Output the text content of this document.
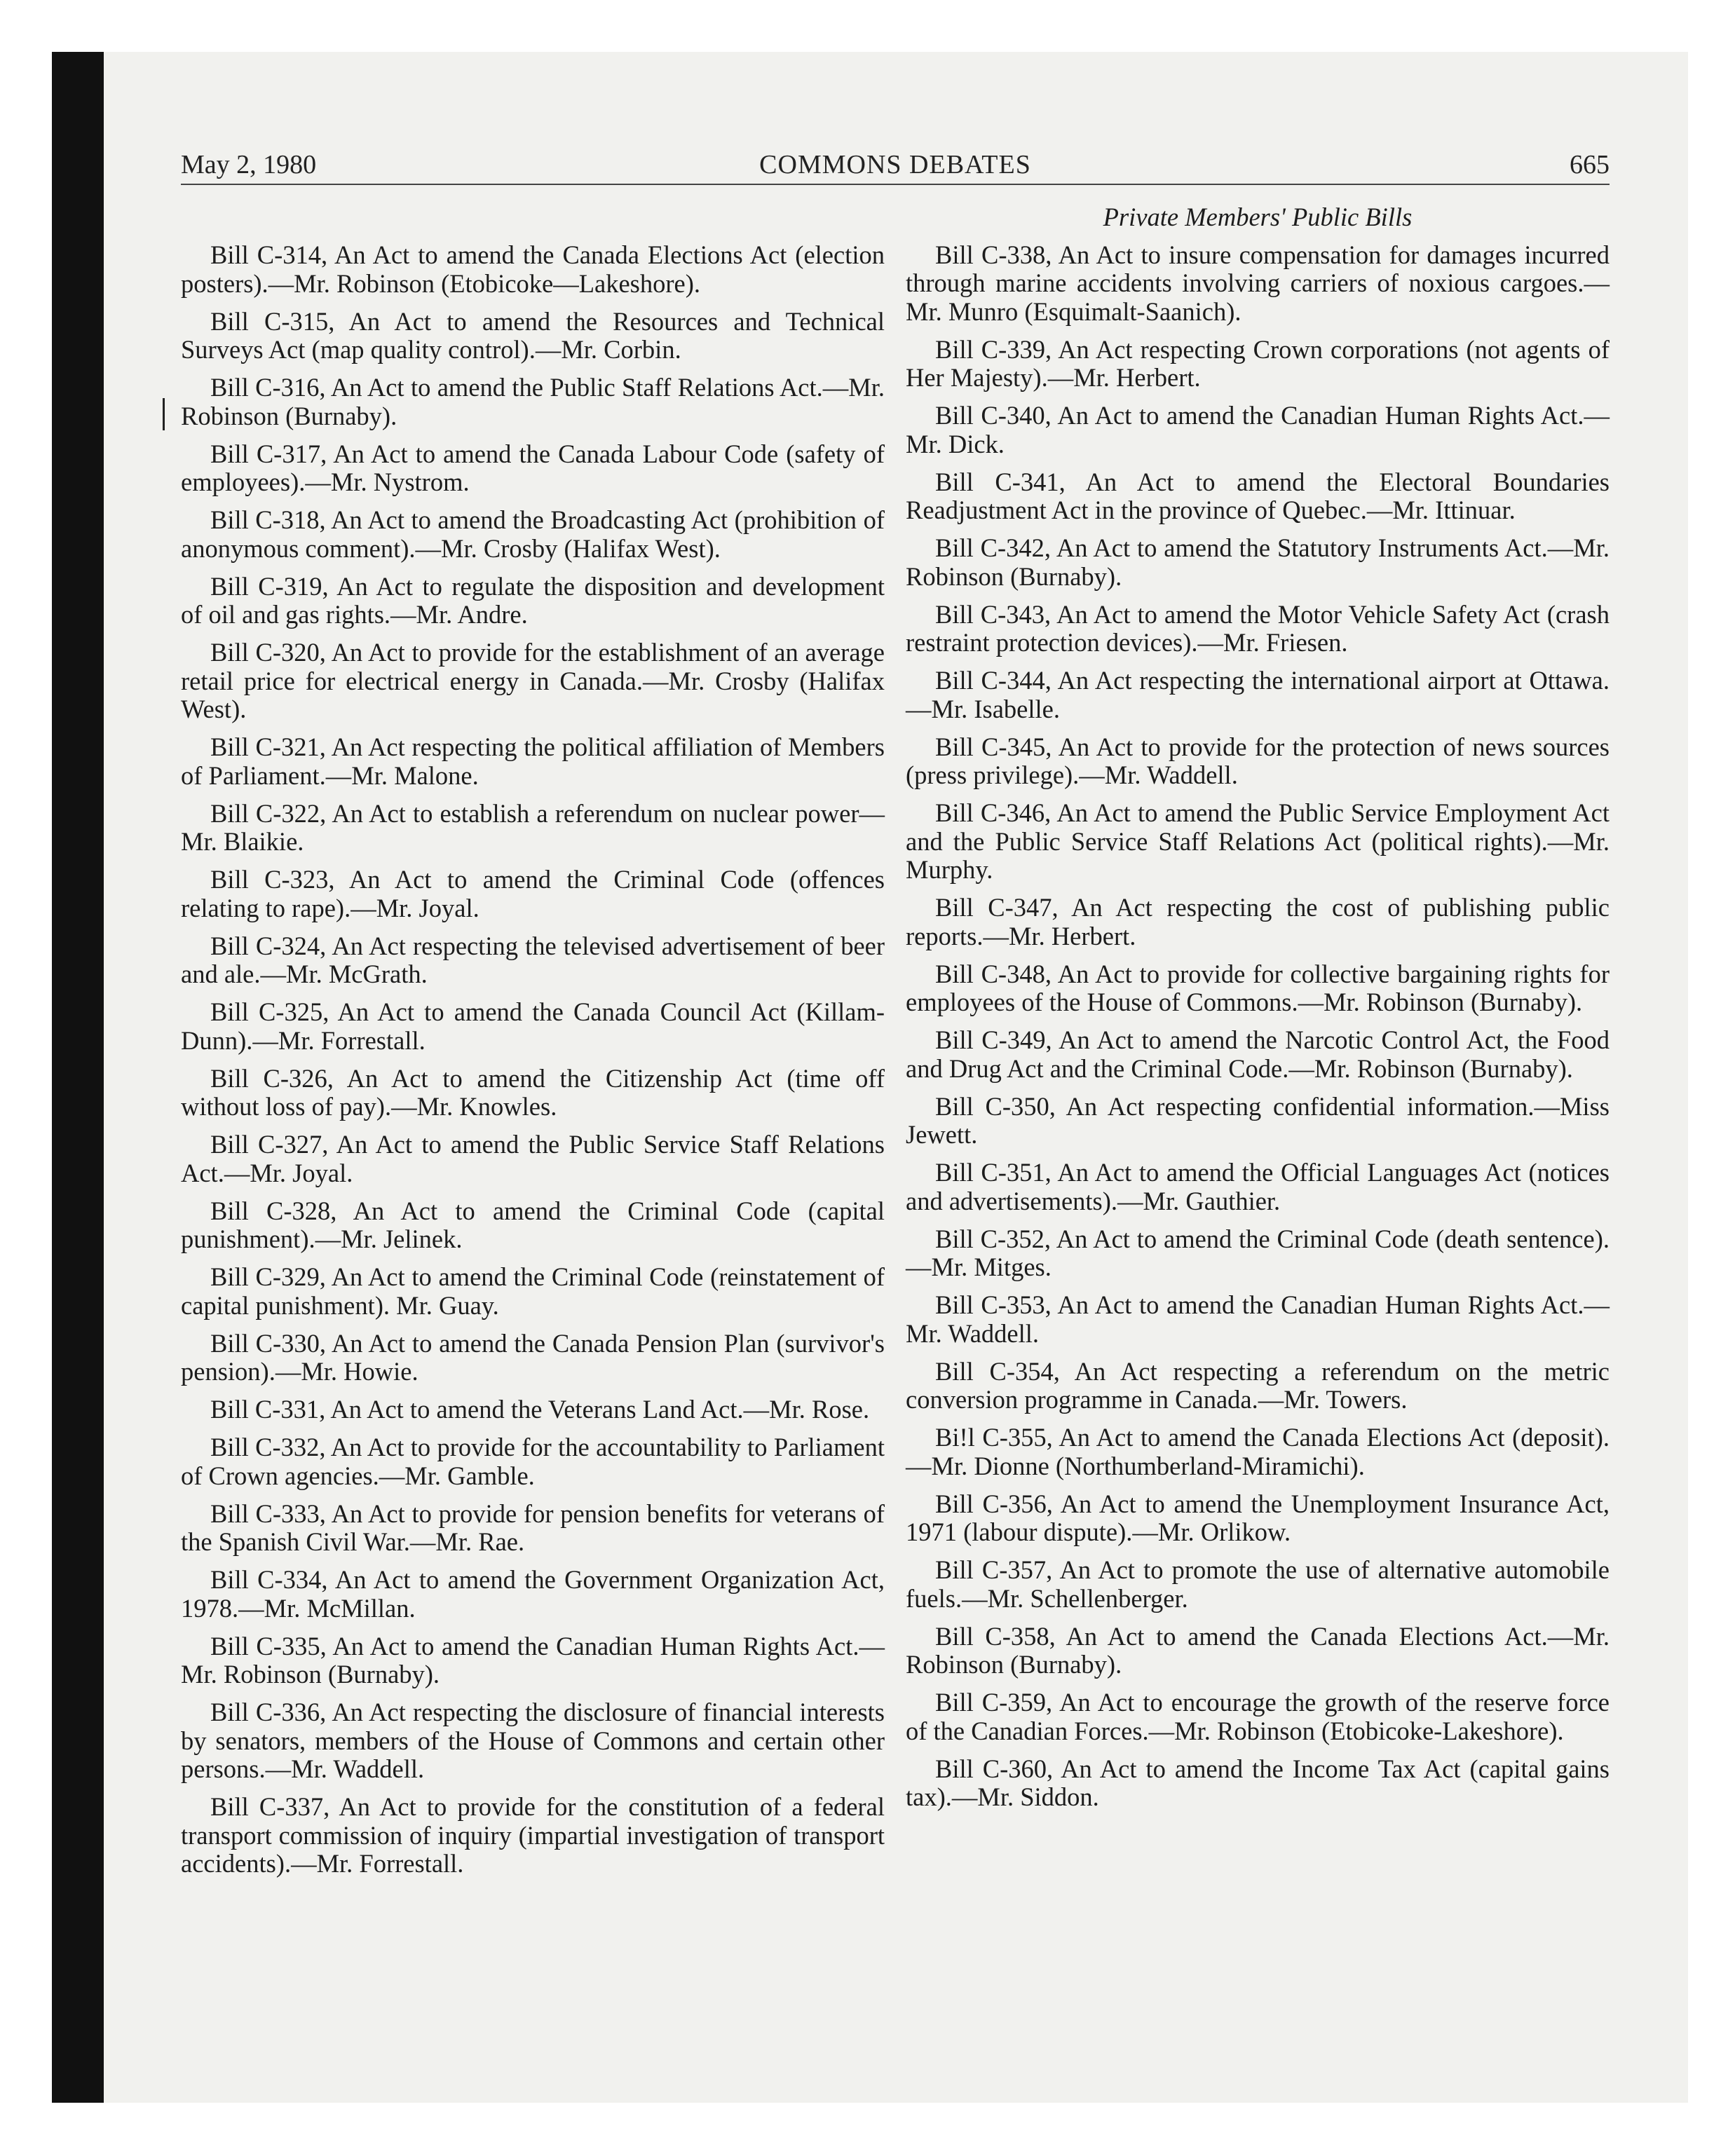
May 2, 1980	COMMONS DEBATES	665

Bill C-314, An Act to amend the Canada Elections Act (election posters).—Mr. Robinson (Etobicoke—Lakeshore).

Bill C-315, An Act to amend the Resources and Technical Surveys Act (map quality control).—Mr. Corbin.

Bill C-316, An Act to amend the Public Staff Relations Act.—Mr. Robinson (Burnaby).

Bill C-317, An Act to amend the Canada Labour Code (safety of employees).—Mr. Nystrom.

Bill C-318, An Act to amend the Broadcasting Act (prohibition of anonymous comment).—Mr. Crosby (Halifax West).

Bill C-319, An Act to regulate the disposition and development of oil and gas rights.—Mr. Andre.

Bill C-320, An Act to provide for the establishment of an average retail price for electrical energy in Canada.—Mr. Crosby (Halifax West).

Bill C-321, An Act respecting the political affiliation of Members of Parliament.—Mr. Malone.

Bill C-322, An Act to establish a referendum on nuclear power—Mr. Blaikie.

Bill C-323, An Act to amend the Criminal Code (offences relating to rape).—Mr. Joyal.

Bill C-324, An Act respecting the televised advertisement of beer and ale.—Mr. McGrath.

Bill C-325, An Act to amend the Canada Council Act (Killam-Dunn).—Mr. Forrestall.

Bill C-326, An Act to amend the Citizenship Act (time off without loss of pay).—Mr. Knowles.

Bill C-327, An Act to amend the Public Service Staff Relations Act.—Mr. Joyal.

Bill C-328, An Act to amend the Criminal Code (capital punishment).—Mr. Jelinek.

Bill C-329, An Act to amend the Criminal Code (reinstatement of capital punishment). Mr. Guay.

Bill C-330, An Act to amend the Canada Pension Plan (survivor's pension).—Mr. Howie.

Bill C-331, An Act to amend the Veterans Land Act.—Mr. Rose.

Bill C-332, An Act to provide for the accountability to Parliament of Crown agencies.—Mr. Gamble.

Bill C-333, An Act to provide for pension benefits for veterans of the Spanish Civil War.—Mr. Rae.

Bill C-334, An Act to amend the Government Organization Act, 1978.—Mr. McMillan.

Bill C-335, An Act to amend the Canadian Human Rights Act.—Mr. Robinson (Burnaby).

Bill C-336, An Act respecting the disclosure of financial interests by senators, members of the House of Commons and certain other persons.—Mr. Waddell.

Bill C-337, An Act to provide for the constitution of a federal transport commission of inquiry (impartial investigation of transport accidents).—Mr. Forrestall.

Private Members' Public Bills

Bill C-338, An Act to insure compensation for damages incurred through marine accidents involving carriers of noxious cargoes.—Mr. Munro (Esquimalt-Saanich).

Bill C-339, An Act respecting Crown corporations (not agents of Her Majesty).—Mr. Herbert.

Bill C-340, An Act to amend the Canadian Human Rights Act.—Mr. Dick.

Bill C-341, An Act to amend the Electoral Boundaries Readjustment Act in the province of Quebec.—Mr. Ittinuar.

Bill C-342, An Act to amend the Statutory Instruments Act.—Mr. Robinson (Burnaby).

Bill C-343, An Act to amend the Motor Vehicle Safety Act (crash restraint protection devices).—Mr. Friesen.

Bill C-344, An Act respecting the international airport at Ottawa.—Mr. Isabelle.

Bill C-345, An Act to provide for the protection of news sources (press privilege).—Mr. Waddell.

Bill C-346, An Act to amend the Public Service Employment Act and the Public Service Staff Relations Act (political rights).—Mr. Murphy.

Bill C-347, An Act respecting the cost of publishing public reports.—Mr. Herbert.

Bill C-348, An Act to provide for collective bargaining rights for employees of the House of Commons.—Mr. Robinson (Burnaby).

Bill C-349, An Act to amend the Narcotic Control Act, the Food and Drug Act and the Criminal Code.—Mr. Robinson (Burnaby).

Bill C-350, An Act respecting confidential information.—Miss Jewett.

Bill C-351, An Act to amend the Official Languages Act (notices and advertisements).—Mr. Gauthier.

Bill C-352, An Act to amend the Criminal Code (death sentence).—Mr. Mitges.

Bill C-353, An Act to amend the Canadian Human Rights Act.—Mr. Waddell.

Bill C-354, An Act respecting a referendum on the metric conversion programme in Canada.—Mr. Towers.

Bi!l C-355, An Act to amend the Canada Elections Act (deposit).—Mr. Dionne (Northumberland-Miramichi).

Bill C-356, An Act to amend the Unemployment Insurance Act, 1971 (labour dispute).—Mr. Orlikow.

Bill C-357, An Act to promote the use of alternative automobile fuels.—Mr. Schellenberger.

Bill C-358, An Act to amend the Canada Elections Act.—Mr. Robinson (Burnaby).

Bill C-359, An Act to encourage the growth of the reserve force of the Canadian Forces.—Mr. Robinson (Etobicoke-Lakeshore).

Bill C-360, An Act to amend the Income Tax Act (capital gains tax).—Mr. Siddon.
